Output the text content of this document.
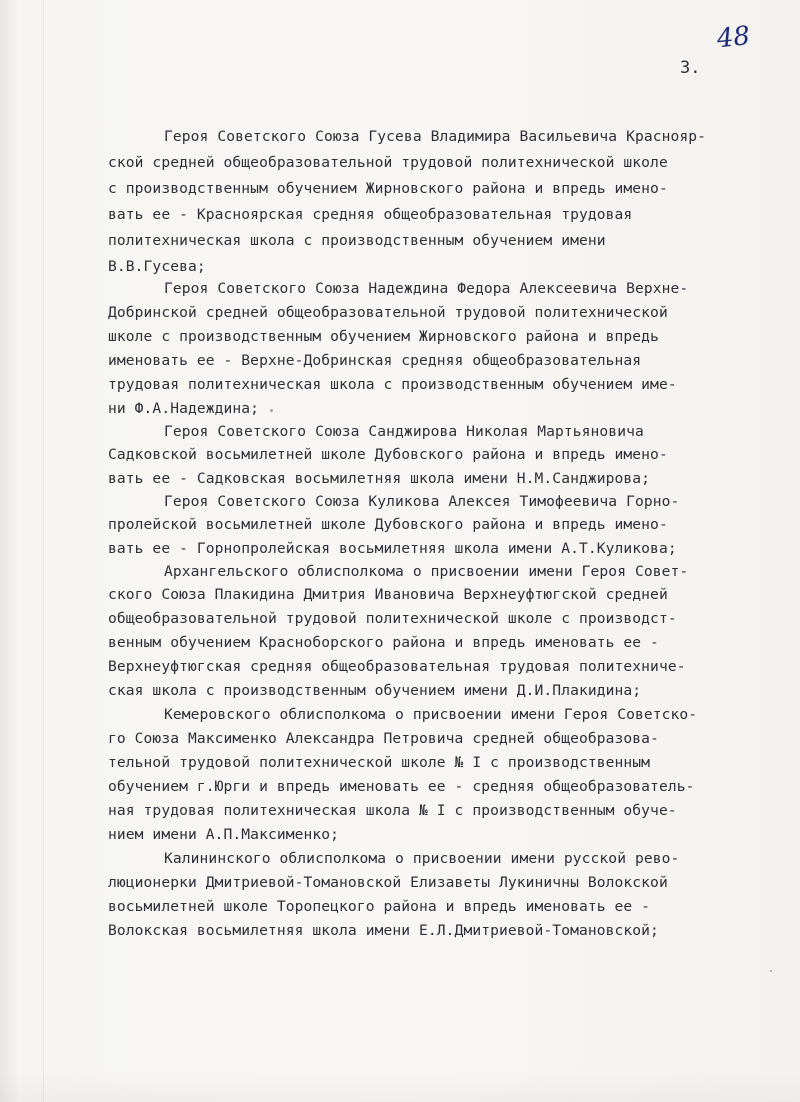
48
3.
Героя Советского Союза Гусева Владимира Васильевича Краснояр-
ской средней общеобразовательной трудовой политехнической школе
с производственным обучением Жирновского района и впредь имено-
вать ее - Красноярская средняя общеобразовательная трудовая
политехническая школа с производственным обучением имени
В.В.Гусева;
Героя Советского Союза Надеждина Федора Алексеевича Верхне-
Добринской средней общеобразовательной трудовой политехнической
школе с производственным обучением Жирновского района и впредь
именовать ее - Верхне-Добринская средняя общеобразовательная
трудовая политехническая школа с производственным обучением име-
ни Ф.А.Надеждина;
Героя Советского Союза Санджирова Николая Мартьяновича
Садковской восьмилетней школе Дубовского района и впредь имено-
вать ее - Садковская восьмилетняя школа имени Н.М.Санджирова;
Героя Советского Союза Куликова Алексея Тимофеевича Горно-
пролейской восьмилетней школе Дубовского района и впредь имено-
вать ее - Горнопролейская восьмилетняя школа имени А.Т.Куликова;
Архангельского облисполкома о присвоении имени Героя Совет-
ского Союза Плакидина Дмитрия Ивановича Верхнеуфтюгской средней
общеобразовательной трудовой политехнической школе с производст-
венным обучением Красноборского района и впредь именовать ее -
Верхнеуфтюгская средняя общеобразовательная трудовая политехниче-
ская школа с производственным обучением имени Д.И.Плакидина;
Кемеровского облисполкома о присвоении имени Героя Советско-
го Союза Максименко Александра Петровича средней общеобразова-
тельной трудовой политехнической школе № I с производственным
обучением г.Юрги и впредь именовать ее - средняя общеобразователь-
ная трудовая политехническая школа № I с производственным обуче-
нием имени А.П.Максименко;
Калининского облисполкома о присвоении имени русской рево-
люционерки Дмитриевой-Томановской Елизаветы Лукиничны Волокской
восьмилетней школе Торопецкого района и впредь именовать ее -
Волокская восьмилетняя школа имени Е.Л.Дмитриевой-Томановской;
